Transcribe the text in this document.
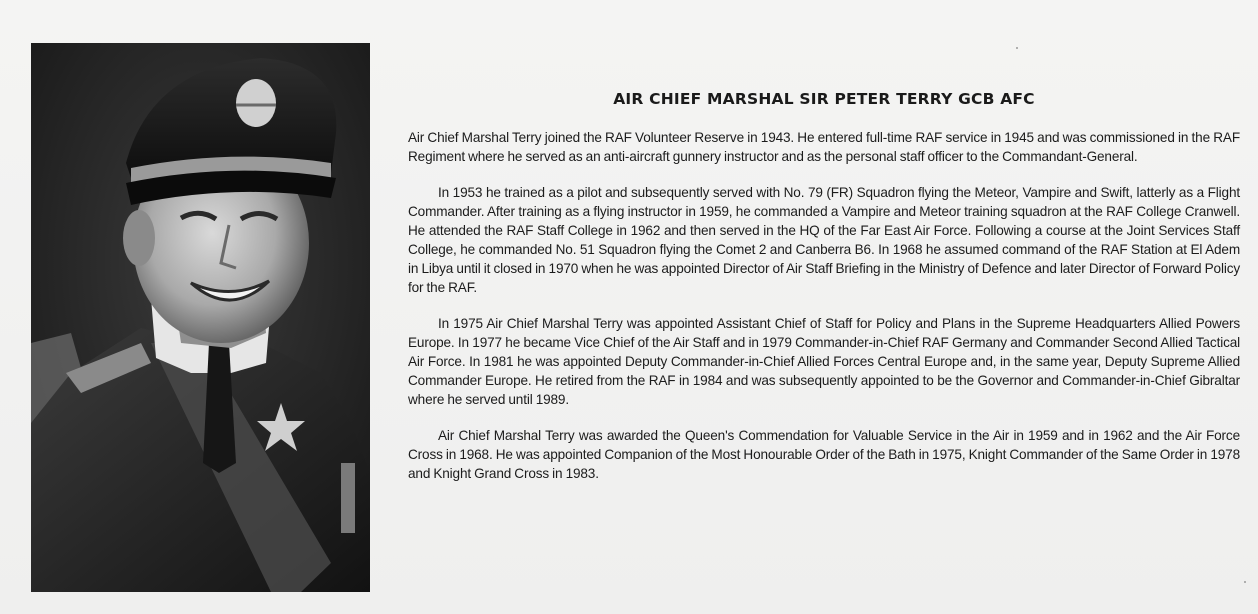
AIR CHIEF MARSHAL SIR PETER TERRY GCB AFC

Air Chief Marshal Terry joined the RAF Volunteer Reserve in 1943. He entered full-time RAF service in 1945 and was commissioned in the RAF Regiment where he served as an anti-aircraft gunnery instructor and as the personal staff officer to the Commandant-General.

In 1953 he trained as a pilot and subsequently served with No. 79 (FR) Squadron flying the Meteor, Vampire and Swift, latterly as a Flight Commander. After training as a flying instructor in 1959, he commanded a Vampire and Meteor training squadron at the RAF College Cranwell. He attended the RAF Staff College in 1962 and then served in the HQ of the Far East Air Force. Following a course at the Joint Services Staff College, he commanded No. 51 Squadron flying the Comet 2 and Canberra B6. In 1968 he assumed command of the RAF Station at El Adem in Libya until it closed in 1970 when he was appointed Director of Air Staff Briefing in the Ministry of Defence and later Director of Forward Policy for the RAF.

In 1975 Air Chief Marshal Terry was appointed Assistant Chief of Staff for Policy and Plans in the Supreme Headquarters Allied Powers Europe. In 1977 he became Vice Chief of the Air Staff and in 1979 Commander-in-Chief RAF Germany and Commander Second Allied Tactical Air Force. In 1981 he was appointed Deputy Commander-in-Chief Allied Forces Central Europe and, in the same year, Deputy Supreme Allied Commander Europe. He retired from the RAF in 1984 and was subsequently appointed to be the Governor and Commander-in-Chief Gibraltar where he served until 1989.

Air Chief Marshal Terry was awarded the Queen's Commendation for Valuable Service in the Air in 1959 and in 1962 and the Air Force Cross in 1968. He was appointed Companion of the Most Honourable Order of the Bath in 1975, Knight Commander of the Same Order in 1978 and Knight Grand Cross in 1983.
